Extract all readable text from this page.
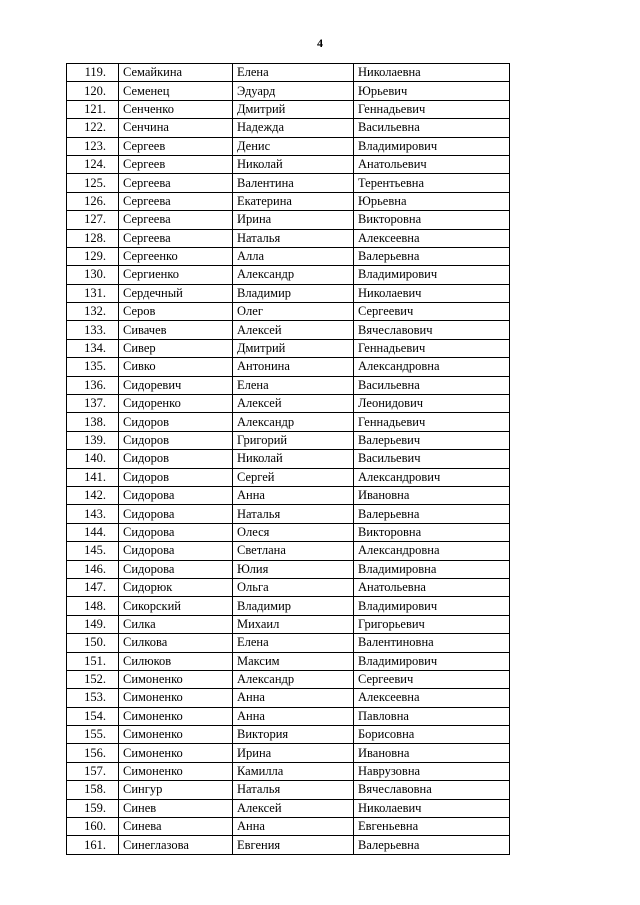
4
119.	Семайкина	Елена	Николаевна
120.	Семенец	Эдуард	Юрьевич
121.	Сенченко	Дмитрий	Геннадьевич
122.	Сенчина	Надежда	Васильевна
123.	Сергеев	Денис	Владимирович
124.	Сергеев	Николай	Анатольевич
125.	Сергеева	Валентина	Терентьевна
126.	Сергеева	Екатерина	Юрьевна
127.	Сергеева	Ирина	Викторовна
128.	Сергеева	Наталья	Алексеевна
129.	Сергеенко	Алла	Валерьевна
130.	Сергиенко	Александр	Владимирович
131.	Сердечный	Владимир	Николаевич
132.	Серов	Олег	Сергеевич
133.	Сивачев	Алексей	Вячеславович
134.	Сивер	Дмитрий	Геннадьевич
135.	Сивко	Антонина	Александровна
136.	Сидоревич	Елена	Васильевна
137.	Сидоренко	Алексей	Леонидович
138.	Сидоров	Александр	Геннадьевич
139.	Сидоров	Григорий	Валерьевич
140.	Сидоров	Николай	Васильевич
141.	Сидоров	Сергей	Александрович
142.	Сидорова	Анна	Ивановна
143.	Сидорова	Наталья	Валерьевна
144.	Сидорова	Олеся	Викторовна
145.	Сидорова	Светлана	Александровна
146.	Сидорова	Юлия	Владимировна
147.	Сидорюк	Ольга	Анатольевна
148.	Сикорский	Владимир	Владимирович
149.	Силка	Михаил	Григорьевич
150.	Силкова	Елена	Валентиновна
151.	Силюков	Максим	Владимирович
152.	Симоненко	Александр	Сергеевич
153.	Симоненко	Анна	Алексеевна
154.	Симоненко	Анна	Павловна
155.	Симоненко	Виктория	Борисовна
156.	Симоненко	Ирина	Ивановна
157.	Симоненко	Камилла	Наврузовна
158.	Сингур	Наталья	Вячеславовна
159.	Синев	Алексей	Николаевич
160.	Синева	Анна	Евгеньевна
161.	Синеглазова	Евгения	Валерьевна
